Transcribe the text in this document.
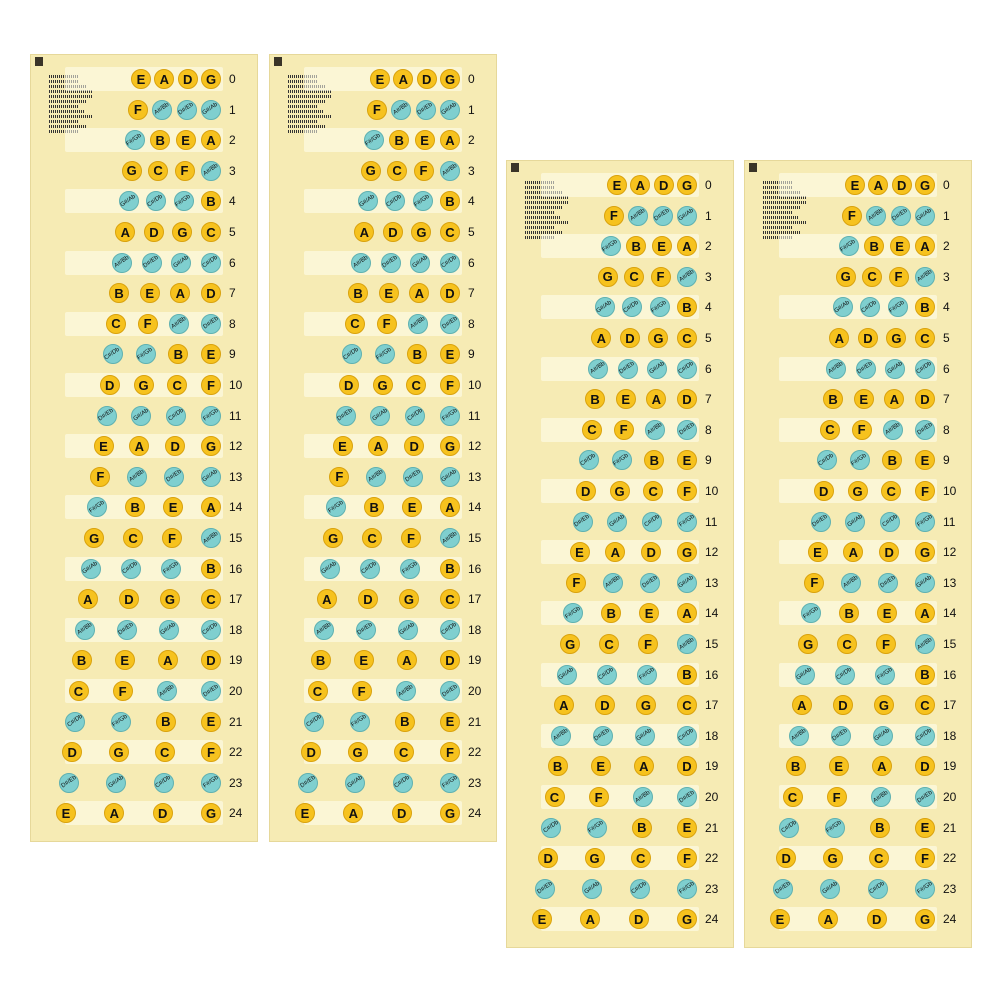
E	A	D	G	0
F	A#/Bb D#/Eb G#/Ab 1
F#/Gb B	E	A	2
G	C	F	A#/Bb 3
G#/Ab C#/Db F#/Gb	B	4
A	D	G	C	5
A#/Bb D#/Eb G#/Ab C#/Db 6
B	E	A	D	7
C	F	A#/Bb D#/Eb 8
C#/Db	F#/Gb	B	E	9
D	G	C	F	10
D#/Eb	G#/Ab	C#/Db	F#/Gb 11
E	A	D	G	12
F	A#/Bb	D#/Eb	G#/Ab 13
F#/Gb	B	E	A	14
G	C	F	A#/Bb 15
G#/Ab	C#/Db	F#/Gb	B	16
A	D	G	C	17
A#/Bb	D#/Eb	G#/Ab	C#/Db 18
B	E	A	D	19
C	F	A#/Bb	D#/Eb 20
C#/Db	F#/Gb	B	E	21
D	G	C	F	22
D#/Eb	G#/Ab	C#/Db	F#/Gb 23
E	A	D	G	24
E	A	D	G	0
F	A#/Bb D#/Eb G#/Ab 1
F#/Gb B	E	A	2
G	C	F	A#/Bb 3
G#/Ab C#/Db F#/Gb	B	4
A	D	G	C	5
A#/Bb D#/Eb G#/Ab C#/Db 6
B	E	A	D	7
C	F	A#/Bb D#/Eb 8
C#/Db	F#/Gb	B	E	9
D	G	C	F	10
D#/Eb	G#/Ab	C#/Db	F#/Gb 11
E	A	D	G	12
F	A#/Bb	D#/Eb	G#/Ab 13
F#/Gb	B	E	A	14
G	C	F	A#/Bb 15
G#/Ab	C#/Db	F#/Gb	B	16
A	D	G	C	17
A#/Bb	D#/Eb	G#/Ab	C#/Db 18
B	E	A	D	19
C	F	A#/Bb	D#/Eb 20
C#/Db	F#/Gb	B	E	21
D	G	C	F	22
D#/Eb	G#/Ab	C#/Db	F#/Gb 23
E	A	D	G	24
E	A	D	G	0
F	A#/Bb D#/Eb G#/Ab 1
F#/Gb B	E	A	2
G	C	F	A#/Bb 3
G#/Ab C#/Db F#/Gb	B	4
A	D	G	C	5
A#/Bb D#/Eb G#/Ab C#/Db 6
B	E	A	D	7
C	F	A#/Bb D#/Eb 8
C#/Db	F#/Gb	B	E	9
D	G	C	F	10
D#/Eb	G#/Ab	C#/Db	F#/Gb 11
E	A	D	G	12
F	A#/Bb	D#/Eb	G#/Ab 13
F#/Gb	B	E	A	14
G	C	F	A#/Bb 15
G#/Ab	C#/Db	F#/Gb	B	16
A	D	G	C	17
A#/Bb	D#/Eb	G#/Ab	C#/Db 18
B	E	A	D	19
C	F	A#/Bb	D#/Eb 20
C#/Db	F#/Gb	B	E	21
D	G	C	F	22
D#/Eb	G#/Ab	C#/Db	F#/Gb 23
E	A	D	G	24
E	A	D	G	0
F	A#/Bb D#/Eb G#/Ab 1
F#/Gb B	E	A	2
G	C	F	A#/Bb 3
G#/Ab C#/Db F#/Gb	B	4
A	D	G	C	5
A#/Bb D#/Eb G#/Ab C#/Db 6
B	E	A	D	7
C	F	A#/Bb D#/Eb 8
C#/Db	F#/Gb	B	E	9
D	G	C	F	10
D#/Eb	G#/Ab	C#/Db	F#/Gb 11
E	A	D	G	12
F	A#/Bb	D#/Eb	G#/Ab 13
F#/Gb	B	E	A	14
G	C	F	A#/Bb 15
G#/Ab	C#/Db	F#/Gb	B	16
A	D	G	C	17
A#/Bb	D#/Eb	G#/Ab	C#/Db 18
B	E	A	D	19
C	F	A#/Bb	D#/Eb 20
C#/Db	F#/Gb	B	E	21
D	G	C	F	22
D#/Eb	G#/Ab	C#/Db	F#/Gb 23
E	A	D	G	24
